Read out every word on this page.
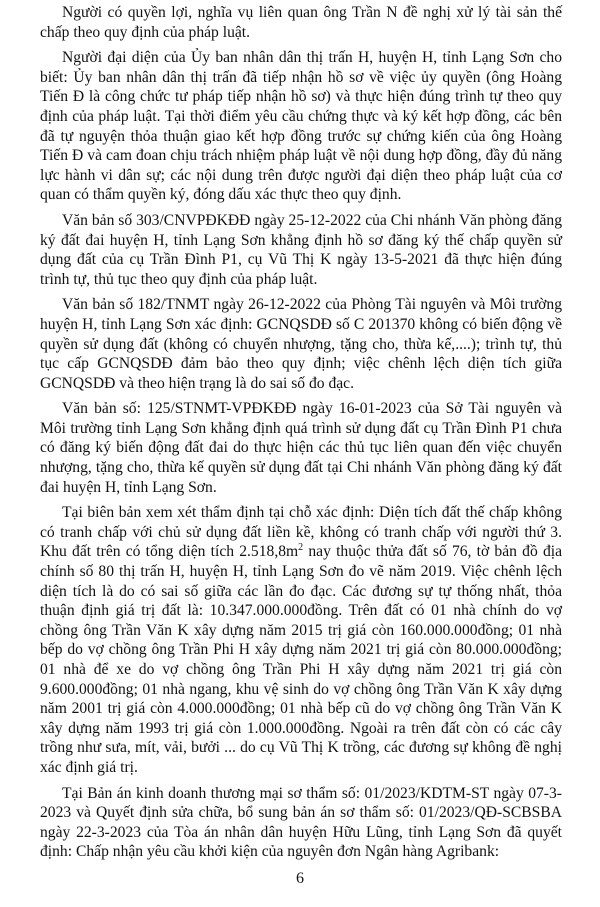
Người có quyền lợi, nghĩa vụ liên quan ông Trần N đề nghị xử lý tài sản thế chấp theo quy định của pháp luật.

Người đại diện của Ủy ban nhân dân thị trấn H, huyện H, tỉnh Lạng Sơn cho biết: Ủy ban nhân dân thị trấn đã tiếp nhận hồ sơ về việc ủy quyền (ông Hoàng Tiến Đ là công chức tư pháp tiếp nhận hồ sơ) và thực hiện đúng trình tự theo quy định của pháp luật. Tại thời điểm yêu cầu chứng thực và ký kết hợp đồng, các bên đã tự nguyện thỏa thuận giao kết hợp đồng trước sự chứng kiến của ông Hoàng Tiến Đ và cam đoan chịu trách nhiệm pháp luật về nội dung hợp đồng, đầy đủ năng lực hành vi dân sự; các nội dung trên được người đại diện theo pháp luật của cơ quan có thẩm quyền ký, đóng dấu xác thực theo quy định.

Văn bản số 303/CNVPĐKĐĐ ngày 25-12-2022 của Chi nhánh Văn phòng đăng ký đất đai huyện H, tỉnh Lạng Sơn khẳng định hồ sơ đăng ký thế chấp quyền sử dụng đất của cụ Trần Đình P1, cụ Vũ Thị K ngày 13-5-2021 đã thực hiện đúng trình tự, thủ tục theo quy định của pháp luật.

Văn bản số 182/TNMT ngày 26-12-2022 của Phòng Tài nguyên và Môi trường huyện H, tỉnh Lạng Sơn xác định: GCNQSDĐ số C 201370 không có biến động về quyền sử dụng đất (không có chuyển nhượng, tặng cho, thừa kế,....); trình tự, thủ tục cấp GCNQSDĐ đảm bảo theo quy định; việc chênh lệch diện tích giữa GCNQSDĐ và theo hiện trạng là do sai số đo đạc.

Văn bản số: 125/STNMT-VPĐKĐĐ ngày 16-01-2023 của Sở Tài nguyên và Môi trường tỉnh Lạng Sơn khẳng định quá trình sử dụng đất cụ Trần Đình P1 chưa có đăng ký biến động đất đai do thực hiện các thủ tục liên quan đến việc chuyển nhượng, tặng cho, thừa kế quyền sử dụng đất tại Chi nhánh Văn phòng đăng ký đất đai huyện H, tỉnh Lạng Sơn.

Tại biên bản xem xét thẩm định tại chỗ xác định: Diện tích đất thế chấp không có tranh chấp với chủ sử dụng đất liền kề, không có tranh chấp với người thứ 3. Khu đất trên có tổng diện tích $2.518,8m^2$ nay thuộc thửa đất số 76, tờ bản đồ địa chính số 80 thị trấn H, huyện H, tỉnh Lạng Sơn đo vẽ năm 2019. Việc chênh lệch diện tích là do có sai số giữa các lần đo đạc. Các đương sự tự thống nhất, thỏa thuận định giá trị đất là: 10.347.000.000đồng. Trên đất có 01 nhà chính do vợ chồng ông Trần Văn K xây dựng năm 2015 trị giá còn 160.000.000đồng; 01 nhà bếp do vợ chồng ông Trần Phi H xây dựng năm 2021 trị giá còn 80.000.000đồng; 01 nhà để xe do vợ chồng ông Trần Phi H xây dựng năm 2021 trị giá còn 9.600.000đồng; 01 nhà ngang, khu vệ sinh do vợ chồng ông Trần Văn K xây dựng năm 2001 trị giá còn 4.000.000đồng; 01 nhà bếp cũ do vợ chồng ông Trần Văn K xây dựng năm 1993 trị giá còn 1.000.000đồng. Ngoài ra trên đất còn có các cây trồng như sưa, mít, vải, bưởi ... do cụ Vũ Thị K trồng, các đương sự không đề nghị xác định giá trị.

Tại Bản án kinh doanh thương mại sơ thẩm số: 01/2023/KDTM-ST ngày 07-3-2023 và Quyết định sửa chữa, bổ sung bản án sơ thẩm số: 01/2023/QĐ-SCBSBA ngày 22-3-2023 của Tòa án nhân dân huyện Hữu Lũng, tỉnh Lạng Sơn đã quyết định: Chấp nhận yêu cầu khởi kiện của nguyên đơn Ngân hàng Agribank:

6
